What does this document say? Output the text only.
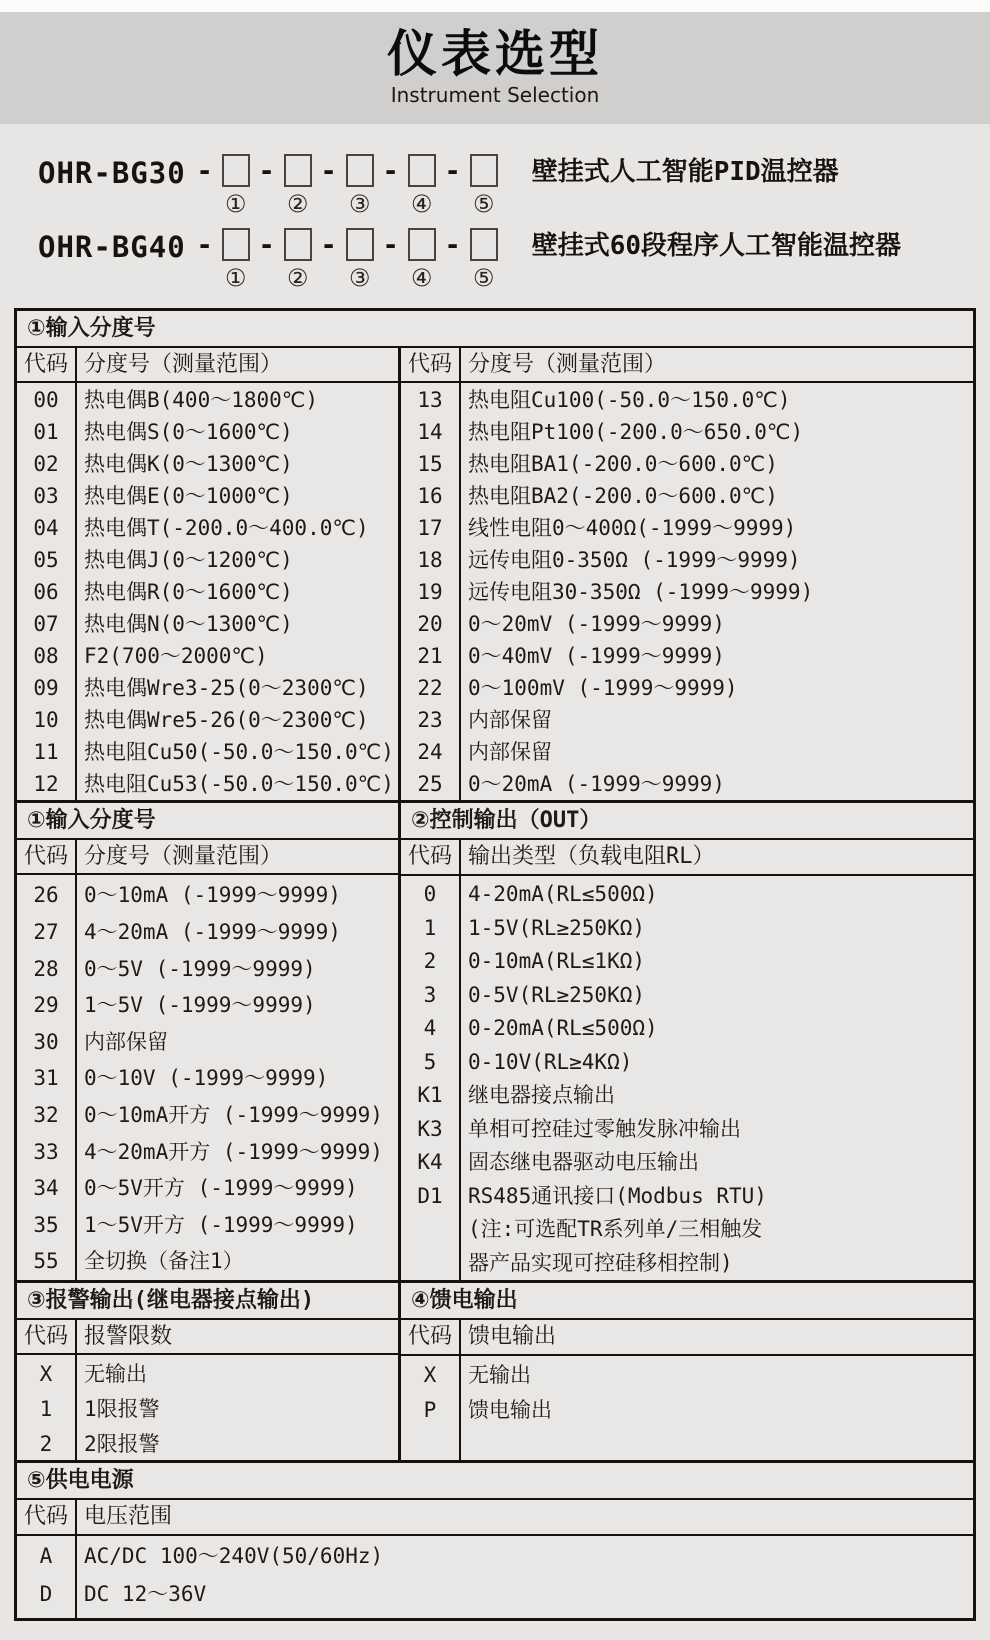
仪表选型
Instrument Selection
OHR-BG30 -
①
-
②
-
③
-
④
-
⑤
壁挂式人工智能PID温控器
OHR-BG40 -
①
-
②
-
③
-
④
-
⑤
壁挂式60段程序人工智能温控器
①输入分度号
代码 分度号（测量范围）
00	热电偶B(400～1800℃)
01	热电偶S(0～1600℃)
02	热电偶K(0～1300℃)
03	热电偶E(0～1000℃)
04	热电偶T(-200.0～400.0℃)
05	热电偶J(0～1200℃)
06	热电偶R(0～1600℃)
07	热电偶N(0～1300℃)
08	F2(700～2000℃)
09	热电偶Wre3-25(0～2300℃)
10	热电偶Wre5-26(0～2300℃)
11	热电阻Cu50(-50.0～150.0℃)
12	热电阻Cu53(-50.0～150.0℃)
代码 分度号（测量范围）
13	热电阻Cu100(-50.0～150.0℃)
14	热电阻Pt100(-200.0～650.0℃)
15	热电阻BA1(-200.0～600.0℃)
16	热电阻BA2(-200.0～600.0℃)
17	线性电阻0～400Ω(-1999～9999)
18	远传电阻0-350Ω (-1999～9999)
19	远传电阻30-350Ω (-1999～9999)
20	0～20mV (-1999～9999)
21	0～40mV (-1999～9999)
22	0～100mV (-1999～9999)
23	内部保留
24	内部保留
25	0～20mA (-1999～9999)
①输入分度号	②控制输出（OUT）
代码 分度号（测量范围）
26	0～10mA (-1999～9999)
27	4～20mA (-1999～9999)
28	0～5V (-1999～9999)
29	1～5V (-1999～9999)
30	内部保留
31	0～10V (-1999～9999)
32	0～10mA开方 (-1999～9999)
33	4～20mA开方 (-1999～9999)
34	0～5V开方 (-1999～9999)
35	1～5V开方 (-1999～9999)
55	全切换（备注1）
代码 输出类型（负载电阻RL）
0	4-20mA(RL≤500Ω)
1	1-5V(RL≥250KΩ)
2	0-10mA(RL≤1KΩ)
3	0-5V(RL≥250KΩ)
4	0-20mA(RL≤500Ω)
5	0-10V(RL≥4KΩ)
K1	继电器接点输出
K3	单相可控硅过零触发脉冲输出
K4	固态继电器驱动电压输出
D1	RS485通讯接口(Modbus RTU)
(注:可选配TR系列单/三相触发
器产品实现可控硅移相控制)
③报警输出(继电器接点输出)	④馈电输出
代码 报警限数
X	无输出
1	1限报警
2	2限报警
代码 馈电输出
X	无输出
P	馈电输出
⑤供电电源
代码 电压范围
A	AC/DC 100～240V(50/60Hz)
D	DC 12～36V
